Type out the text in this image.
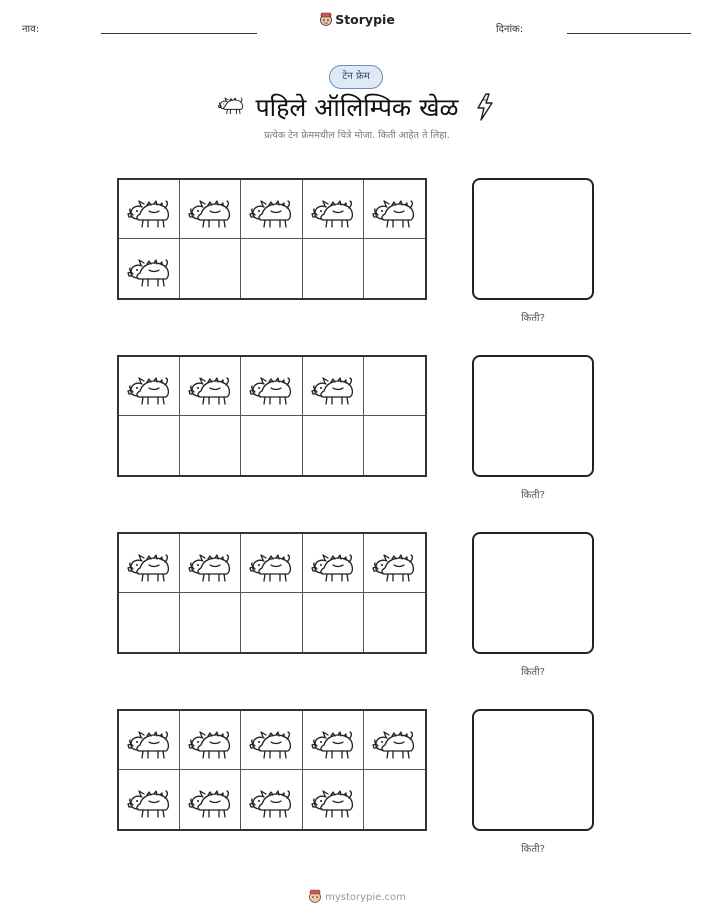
नाव:
Storypie
दिनांक:
टेन फ्रेम
पहिले ऑलिम्पिक खेळ
प्रत्येक टेन फ्रेममधील चित्रे मोजा. किती आहेत ते लिहा.
किती?
किती?
किती?
किती?
mystorypie.com
